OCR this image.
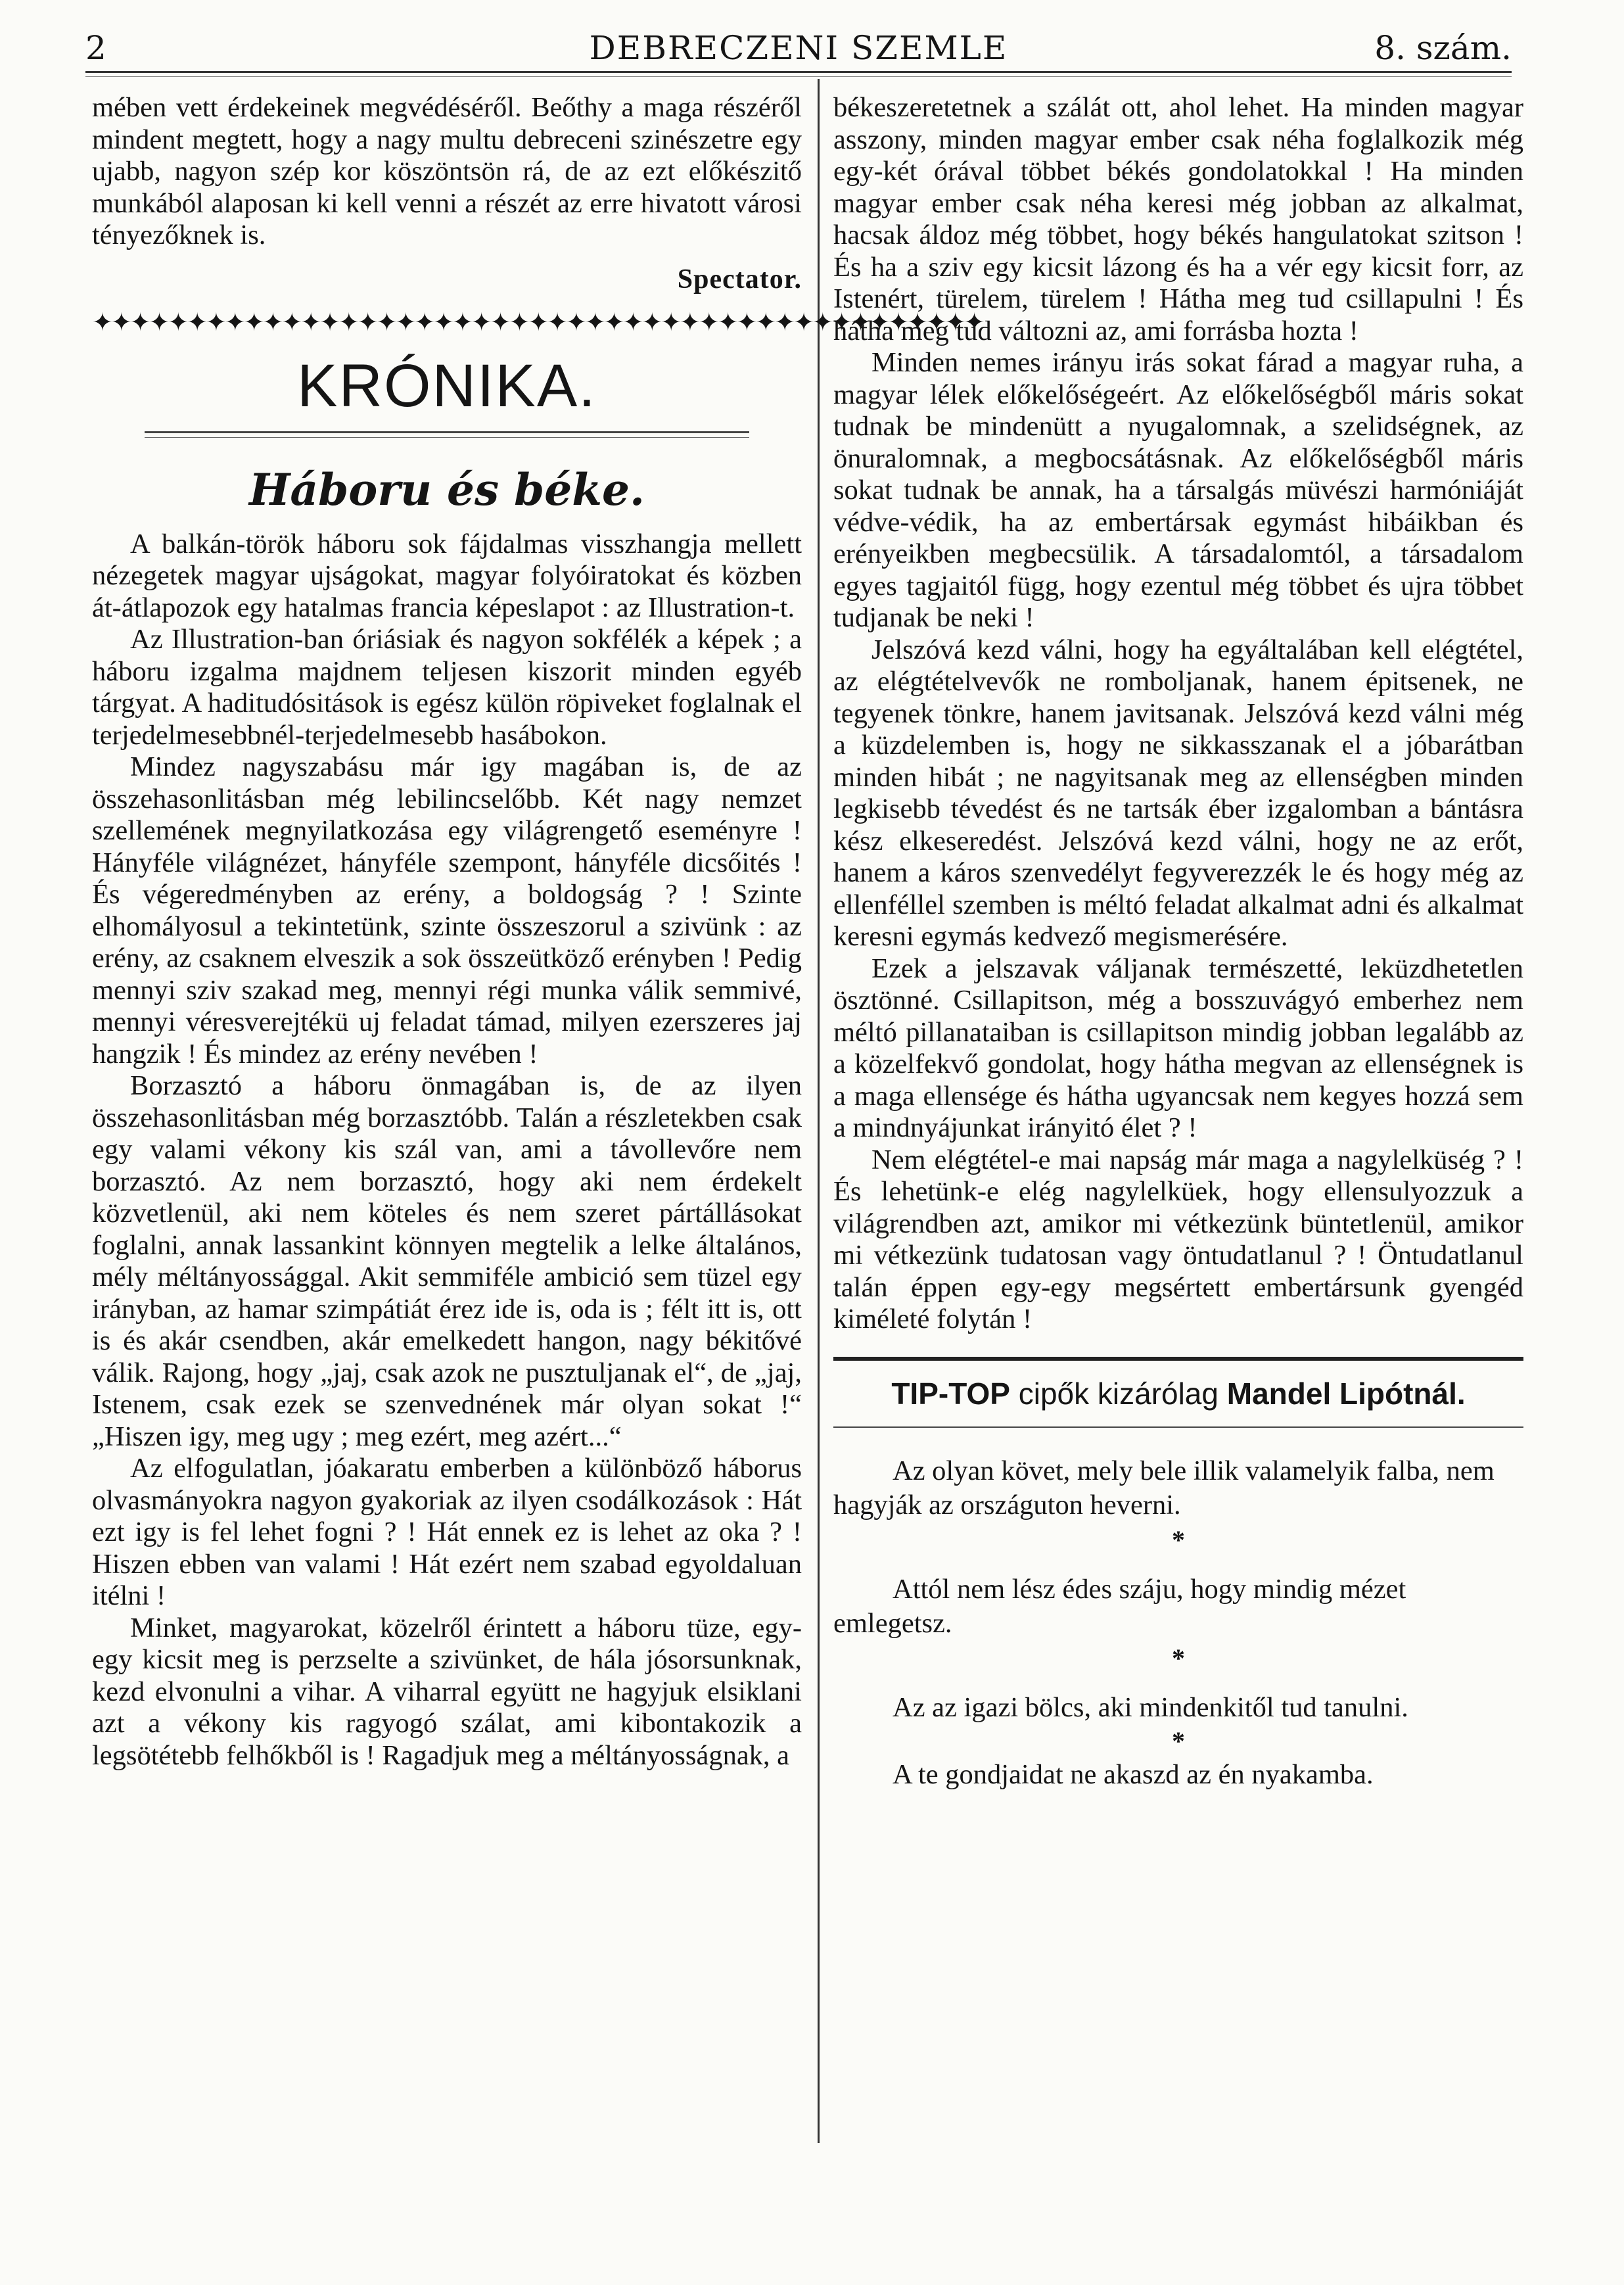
2	DEBRECZENI SZEMLE	8. szám.

mében vett érdekeinek megvédéséről. Beőthy a maga részéről mindent megtett, hogy a nagy multu debreceni szinészetre egy ujabb, nagyon szép kor köszöntsön rá, de az ezt előkészitő munkából alaposan ki kell venni a részét az erre hivatott városi tényezőknek is.

Spectator.
✦✦✦✦✦✦✦✦✦✦✦✦✦✦✦✦✦✦✦✦✦✦✦✦✦✦✦✦✦✦✦✦✦✦✦✦✦✦✦✦✦✦✦✦✦✦✦
KRÓNIKA.
Háboru és béke.

A balkán-török háboru sok fájdalmas visszhangja mellett nézegetek magyar ujságokat, magyar folyóiratokat és közben át-átlapozok egy hatalmas francia képeslapot : az Illustration-t.

Az Illustration-ban óriásiak és nagyon sokfélék a képek ; a háboru izgalma majdnem teljesen kiszorit minden egyéb tárgyat. A haditudósitások is egész külön röpiveket foglalnak el terjedelmesebbnél-terjedelmesebb hasábokon.

Mindez nagyszabásu már igy magában is, de az összehasonlitásban még lebilincselőbb. Két nagy nemzet szellemének megnyilatkozása egy világrengető eseményre ! Hányféle világnézet, hányféle szempont, hányféle dicsőités ! És végeredményben az erény, a boldogság ? ! Szinte elhomályosul a tekintetünk, szinte összeszorul a szivünk : az erény, az csaknem elveszik a sok összeütköző erényben ! Pedig mennyi sziv szakad meg, mennyi régi munka válik semmivé, mennyi véresverejtékü uj feladat támad, milyen ezerszeres jaj hangzik ! És mindez az erény nevében !

Borzasztó a háboru önmagában is, de az ilyen összehasonlitásban még borzasztóbb. Talán a részletekben csak egy valami vékony kis szál van, ami a távollevőre nem borzasztó. Az nem borzasztó, hogy aki nem érdekelt közvetlenül, aki nem köteles és nem szeret pártállásokat foglalni, annak lassankint könnyen megtelik a lelke általános, mély méltányossággal. Akit semmiféle ambició sem tüzel egy irányban, az hamar szimpátiát érez ide is, oda is ; félt itt is, ott is és akár csendben, akár emelkedett hangon, nagy békitővé válik. Rajong, hogy „jaj, csak azok ne pusztuljanak el“, de „jaj, Istenem, csak ezek se szenvednének már olyan sokat !“ „Hiszen igy, meg ugy ; meg ezért, meg azért...“

Az elfogulatlan, jóakaratu emberben a különböző háborus olvasmányokra nagyon gyakoriak az ilyen csodálkozások : Hát ezt igy is fel lehet fogni ? ! Hát ennek ez is lehet az oka ? ! Hiszen ebben van valami ! Hát ezért nem szabad egyoldaluan itélni !

Minket, magyarokat, közelről érintett a háboru tüze, egy-egy kicsit meg is perzselte a szivünket, de hála jósorsunknak, kezd elvonulni a vihar. A viharral együtt ne hagyjuk elsiklani azt a vékony kis ragyogó szálat, ami kibontakozik a legsötétebb felhőkből is ! Ragadjuk meg a méltányosságnak, a

békeszeretetnek a szálát ott, ahol lehet. Ha minden magyar asszony, minden magyar ember csak néha foglalkozik még egy-két órával többet békés gondolatokkal ! Ha minden magyar ember csak néha keresi még jobban az alkalmat, hacsak áldoz még többet, hogy békés hangulatokat szitson ! És ha a sziv egy kicsit lázong és ha a vér egy kicsit forr, az Istenért, türelem, türelem ! Hátha meg tud csillapulni ! És hátha meg tud változni az, ami forrásba hozta !

Minden nemes irányu irás sokat fárad a magyar ruha, a magyar lélek előkelőségeért. Az előkelőségből máris sokat tudnak be mindenütt a nyugalomnak, a szelidségnek, az önuralomnak, a megbocsátásnak. Az előkelőségből máris sokat tudnak be annak, ha a társalgás müvészi harmóniáját védve-védik, ha az embertársak egymást hibáikban és erényeikben megbecsülik. A társadalomtól, a társadalom egyes tagjaitól függ, hogy ezentul még többet és ujra többet tudjanak be neki !

Jelszóvá kezd válni, hogy ha egyáltalában kell elégtétel, az elégtételvevők ne romboljanak, hanem épitsenek, ne tegyenek tönkre, hanem javitsanak. Jelszóvá kezd válni még a küzdelemben is, hogy ne sikkasszanak el a jóbarátban minden hibát ; ne nagyitsanak meg az ellenségben minden legkisebb tévedést és ne tartsák éber izgalomban a bántásra kész elkeseredést. Jelszóvá kezd válni, hogy ne az erőt, hanem a káros szenvedélyt fegyverezzék le és hogy még az ellenféllel szemben is méltó feladat alkalmat adni és alkalmat keresni egymás kedvező megismerésére.

Ezek a jelszavak váljanak természetté, leküzdhetetlen ösztönné. Csillapitson, még a bosszuvágyó emberhez nem méltó pillanataiban is csillapitson mindig jobban legalább az a közelfekvő gondolat, hogy hátha megvan az ellenségnek is a maga ellensége és hátha ugyancsak nem kegyes hozzá sem a mindnyájunkat irányitó élet ? !

Nem elégtétel-e mai napság már maga a nagylelküség ? ! És lehetünk-e elég nagylelküek, hogy ellensulyozzuk a világrendben azt, amikor mi vétkezünk büntetlenül, amikor mi vétkezünk tudatosan vagy öntudatlanul ? ! Öntudatlanul talán éppen egy-egy megsértett embertársunk gyengéd kiméleté folytán !

TIP-TOP cipők kizárólag Mandel Lipótnál.

Az olyan követ, mely bele illik valamelyik falba, nem hagyják az országuton heverni.

*

Attól nem lész édes száju, hogy mindig mézet emlegetsz.

*

Az az igazi bölcs, aki mindenkitől tud tanulni.

*

A te gondjaidat ne akaszd az én nyakamba.
